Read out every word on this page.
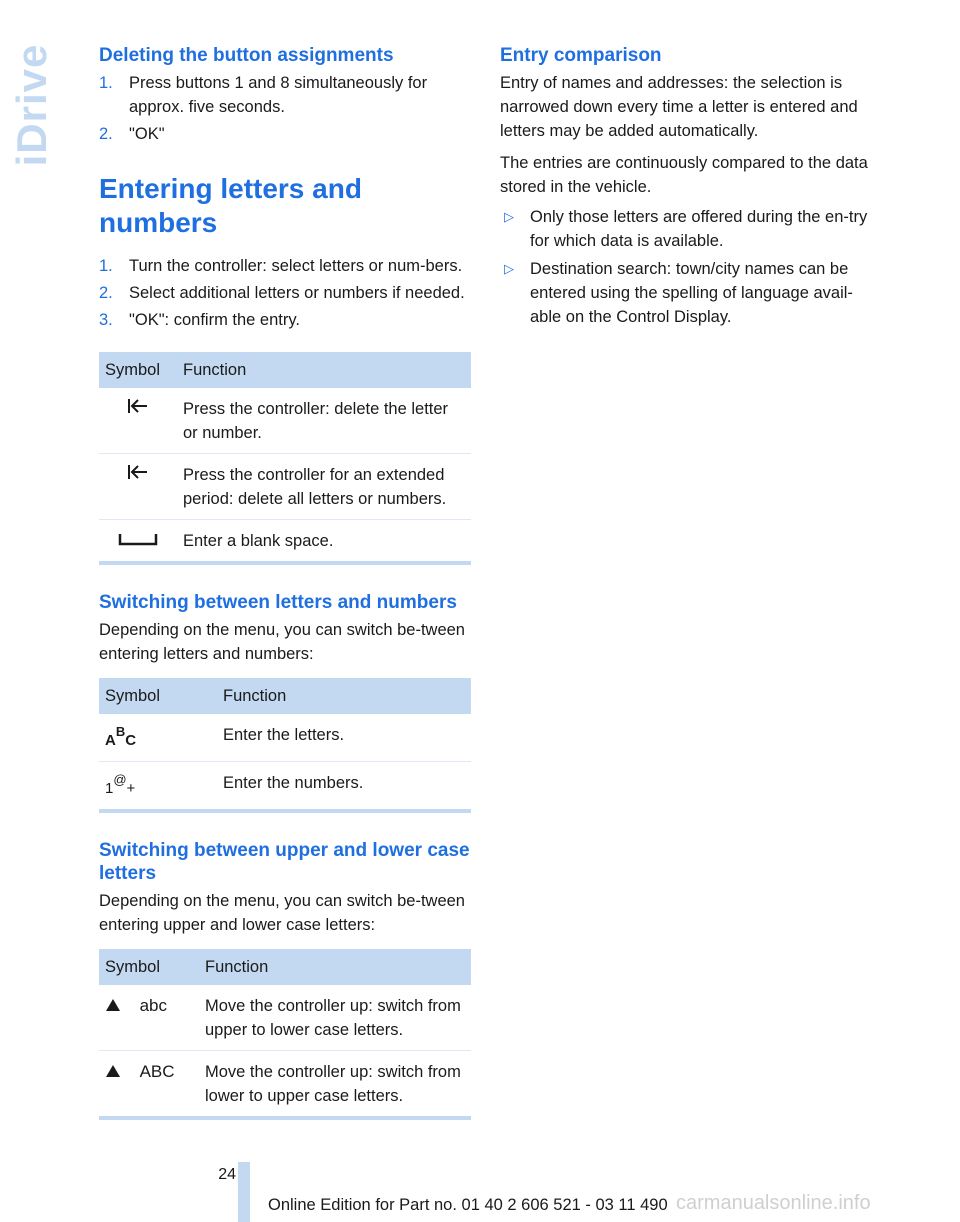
iDrive Deleting the button assignments
1. Press buttons 1 and 8 simultaneously for approx. five seconds.
2. "OK"
Entering letters and numbers
1. Turn the controller: select letters or num-bers.
2. Select additional letters or numbers if needed.
3. "OK": confirm the entry.
Symbol	Function
	Press the controller: delete the letter or number.
	Press the controller for an extended period: delete all letters or numbers.
	Enter a blank space.

Switching between letters and numbers

Depending on the menu, you can switch be-tween entering letters and numbers:

Symbol	Function
$A^BC$	Enter the letters.
1@+	Enter the numbers.

Switching between upper and lower case letters

Depending on the menu, you can switch be-tween entering upper and lower case letters:

Symbol	Function
abc	Move the controller up: switch from upper to lower case letters.
ABC	Move the controller up: switch from lower to upper case letters.

Entry comparison

Entry of names and addresses: the selection is narrowed down every time a letter is entered and letters may be added automatically.

The entries are continuously compared to the data stored in the vehicle.

▷ Only those letters are offered during the en-try for which data is available.
▷ Destination search: town/city names can be entered using the spelling of language avail-able on the Control Display.
24
Online Edition for Part no. 01 40 2 606 521 - 03 11 490 carmanualsonline.info
